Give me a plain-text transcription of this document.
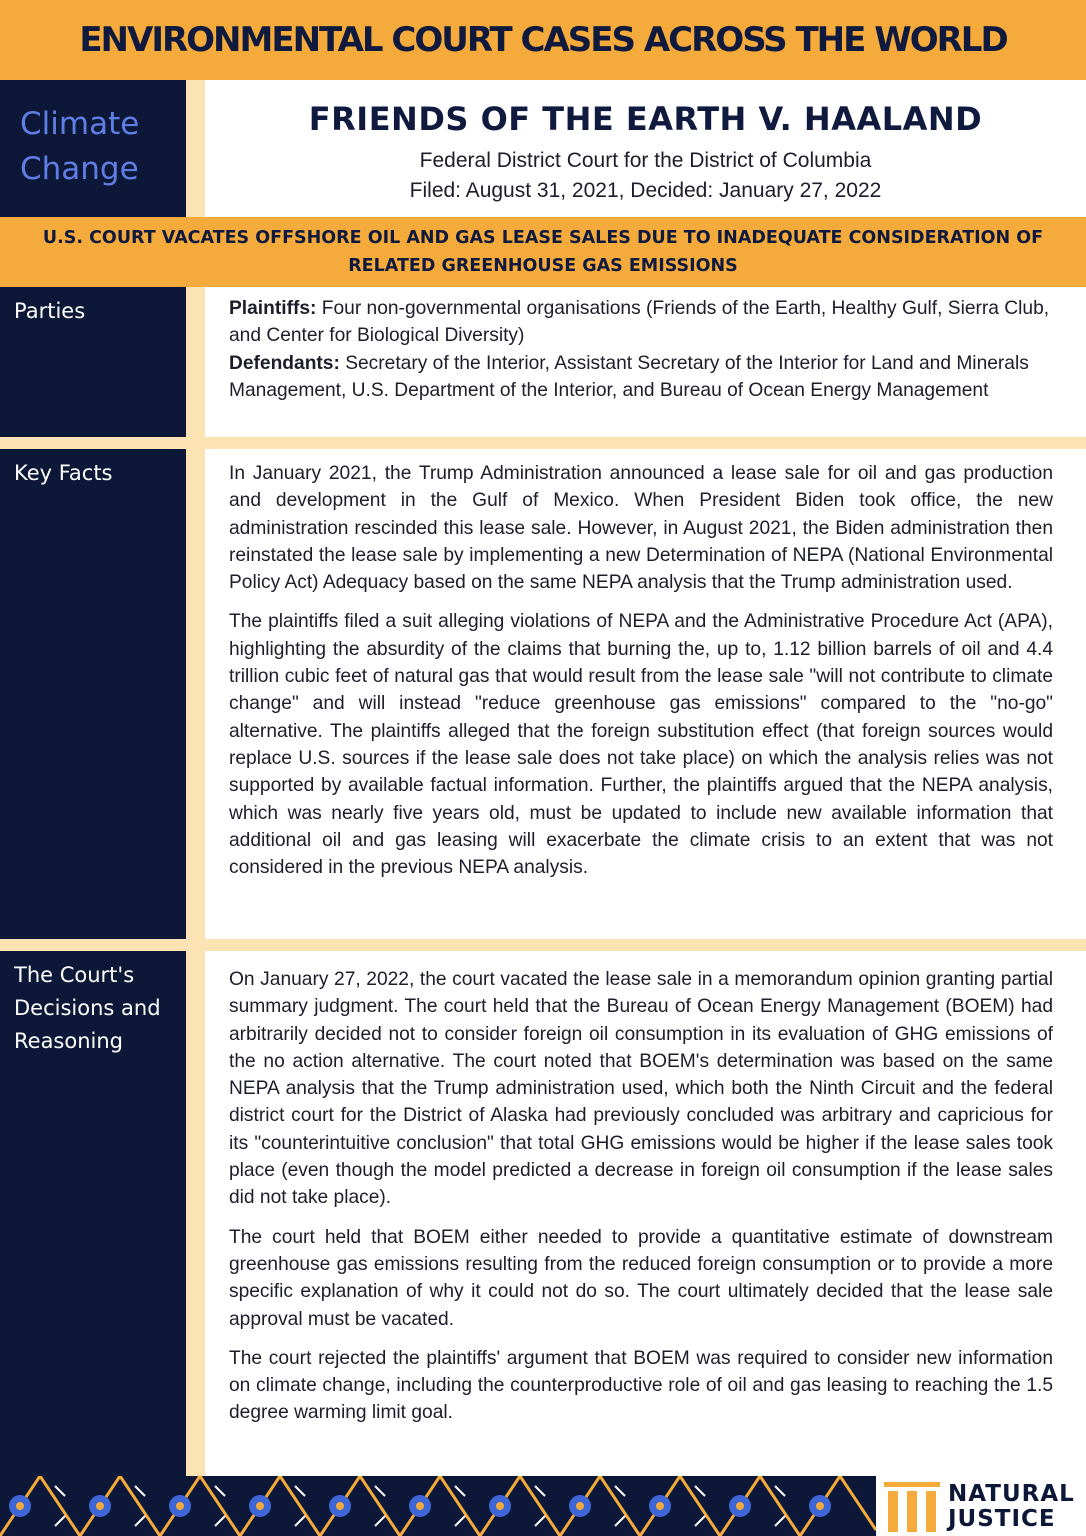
ENVIRONMENTAL COURT CASES ACROSS THE WORLD
Climate
Change
FRIENDS OF THE EARTH V. HAALAND
Federal District Court for the District of Columbia
Filed: August 31, 2021, Decided: January 27, 2022
U.S. COURT VACATES OFFSHORE OIL AND GAS LEASE SALES DUE TO INADEQUATE CONSIDERATION OF RELATED GREENHOUSE GAS EMISSIONS
Parties	Plaintiffs: Four non-governmental organisations (Friends of the Earth, Healthy Gulf, Sierra Club, and Center for Biological Diversity)

Defendants: Secretary of the Interior, Assistant Secretary of the Interior for Land and Minerals Management, U.S. Department of the Interior, and Bureau of Ocean Energy Management

Key Facts	In January 2021, the Trump Administration announced a lease sale for oil and gas production and development in the Gulf of Mexico. When President Biden took office, the new administration rescinded this lease sale. However, in August 2021, the Biden administration then reinstated the lease sale by implementing a new Determination of NEPA (National Environmental Policy Act) Adequacy based on the same NEPA analysis that the Trump administration used.

The plaintiffs filed a suit alleging violations of NEPA and the Administrative Procedure Act (APA), highlighting the absurdity of the claims that burning the, up to, 1.12 billion barrels of oil and 4.4 trillion cubic feet of natural gas that would result from the lease sale "will not contribute to climate change" and will instead "reduce greenhouse gas emissions" compared to the "no-go" alternative. The plaintiffs alleged that the foreign substitution effect (that foreign sources would replace U.S. sources if the lease sale does not take place) on which the analysis relies was not supported by available factual information. Further, the plaintiffs argued that the NEPA analysis, which was nearly five years old, must be updated to include new available information that additional oil and gas leasing will exacerbate the climate crisis to an extent that was not considered in the previous NEPA analysis.

The Court's
Decisions and
Reasoning

On January 27, 2022, the court vacated the lease sale in a memorandum opinion granting partial summary judgment. The court held that the Bureau of Ocean Energy Management (BOEM) had arbitrarily decided not to consider foreign oil consumption in its evaluation of GHG emissions of the no action alternative. The court noted that BOEM's determination was based on the same NEPA analysis that the Trump administration used, which both the Ninth Circuit and the federal district court for the District of Alaska had previously concluded was arbitrary and capricious for its "counterintuitive conclusion" that total GHG emissions would be higher if the lease sales took place (even though the model predicted a decrease in foreign oil consumption if the lease sales did not take place).

The court held that BOEM either needed to provide a quantitative estimate of downstream greenhouse gas emissions resulting from the reduced foreign consumption or to provide a more specific explanation of why it could not do so. The court ultimately decided that the lease sale approval must be vacated.

The court rejected the plaintiffs' argument that BOEM was required to consider new information on climate change, including the counterproductive role of oil and gas leasing to reaching the 1.5 degree warming limit goal.

NATURAL
JUSTICE
